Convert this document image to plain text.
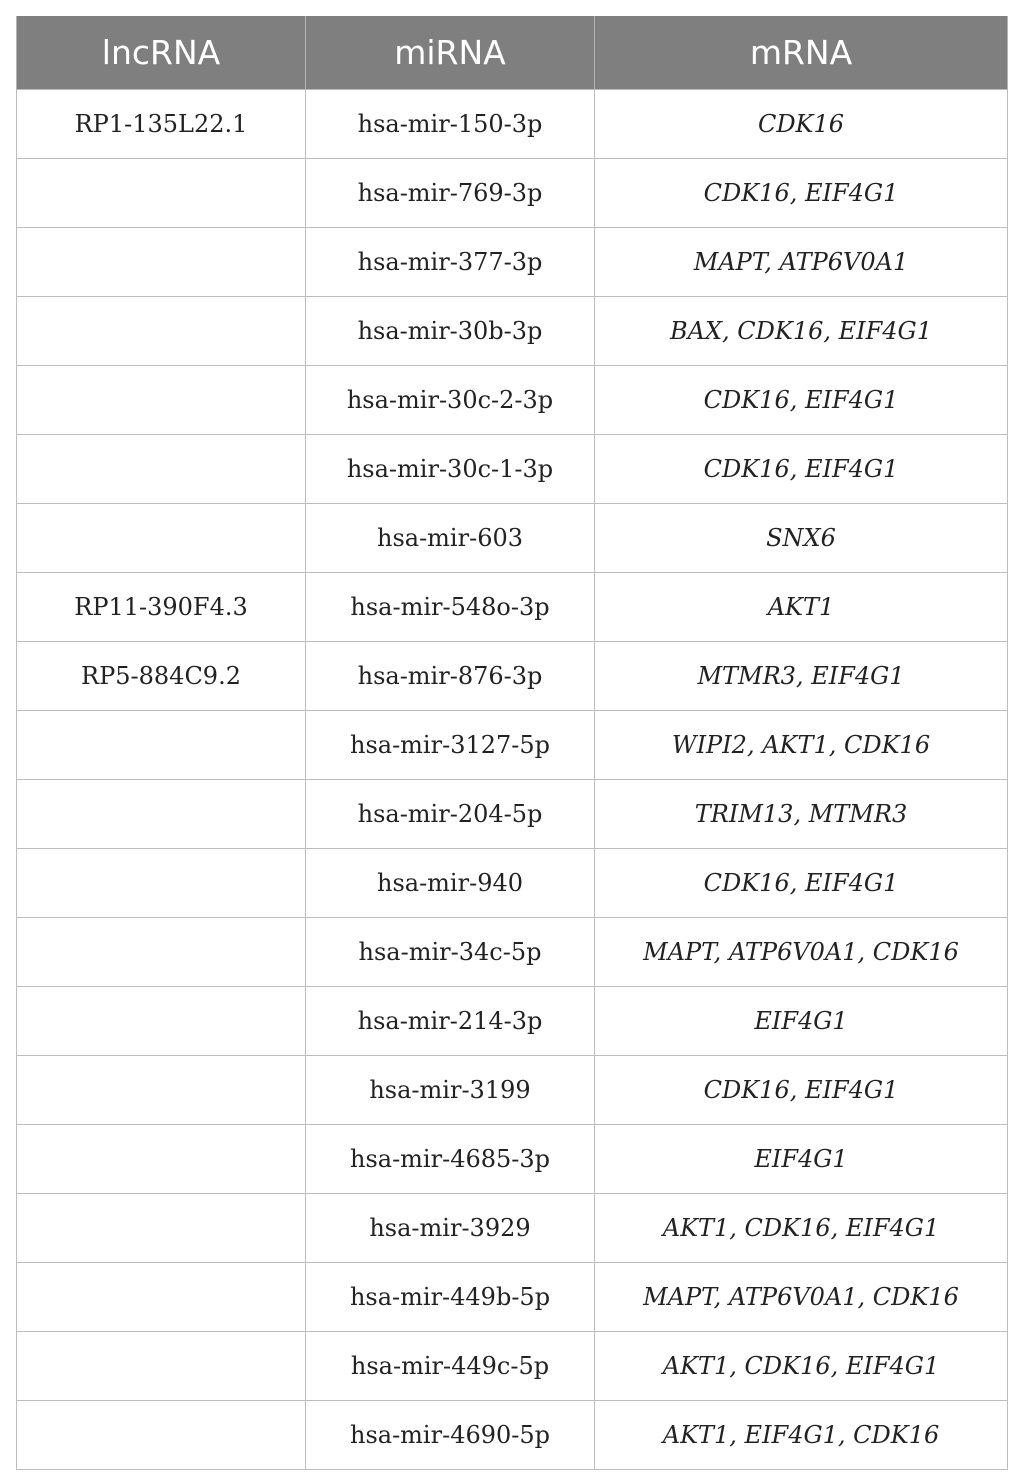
lncRNA	miRNA	mRNA
RP1-135L22.1	hsa-mir-150-3p	CDK16
	hsa-mir-769-3p	CDK16, EIF4G1
	hsa-mir-377-3p	MAPT, ATP6V0A1
	hsa-mir-30b-3p	BAX, CDK16, EIF4G1
	hsa-mir-30c-2-3p	CDK16, EIF4G1
	hsa-mir-30c-1-3p	CDK16, EIF4G1
	hsa-mir-603	SNX6
RP11-390F4.3	hsa-mir-548o-3p	AKT1
RP5-884C9.2	hsa-mir-876-3p	MTMR3, EIF4G1
	hsa-mir-3127-5p	WIPI2, AKT1, CDK16
	hsa-mir-204-5p	TRIM13, MTMR3
	hsa-mir-940	CDK16, EIF4G1
	hsa-mir-34c-5p	MAPT, ATP6V0A1, CDK16
	hsa-mir-214-3p	EIF4G1
	hsa-mir-3199	CDK16, EIF4G1
	hsa-mir-4685-3p	EIF4G1
	hsa-mir-3929	AKT1, CDK16, EIF4G1
	hsa-mir-449b-5p	MAPT, ATP6V0A1, CDK16
	hsa-mir-449c-5p	AKT1, CDK16, EIF4G1
	hsa-mir-4690-5p	AKT1, EIF4G1, CDK16
